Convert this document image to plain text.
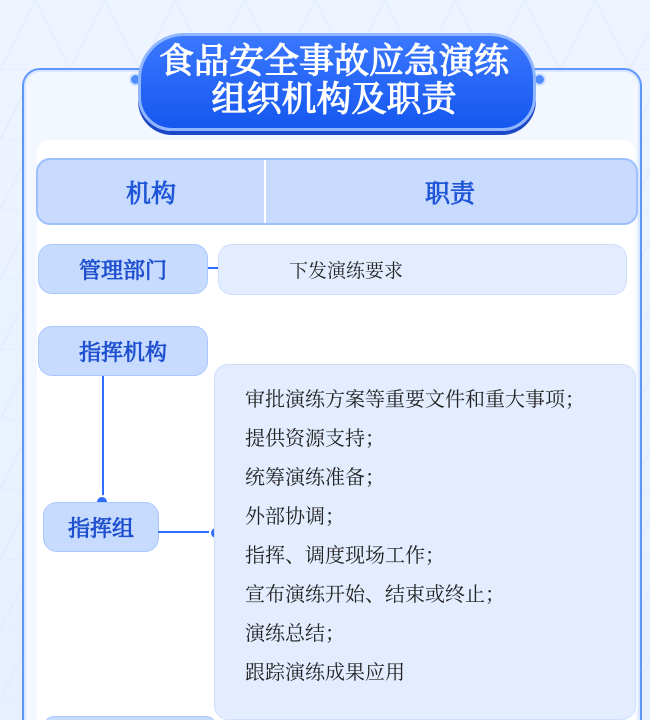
食品安全事故应急演练
组织机构及职责
机构	职责
管理部门	下发演练要求
指挥机构
指挥组
审批演练方案等重要文件和重大事项；
提供资源支持；
统筹演练准备；
外部协调；
指挥、调度现场工作；
宣布演练开始、结束或终止；
演练总结；
跟踪演练成果应用
